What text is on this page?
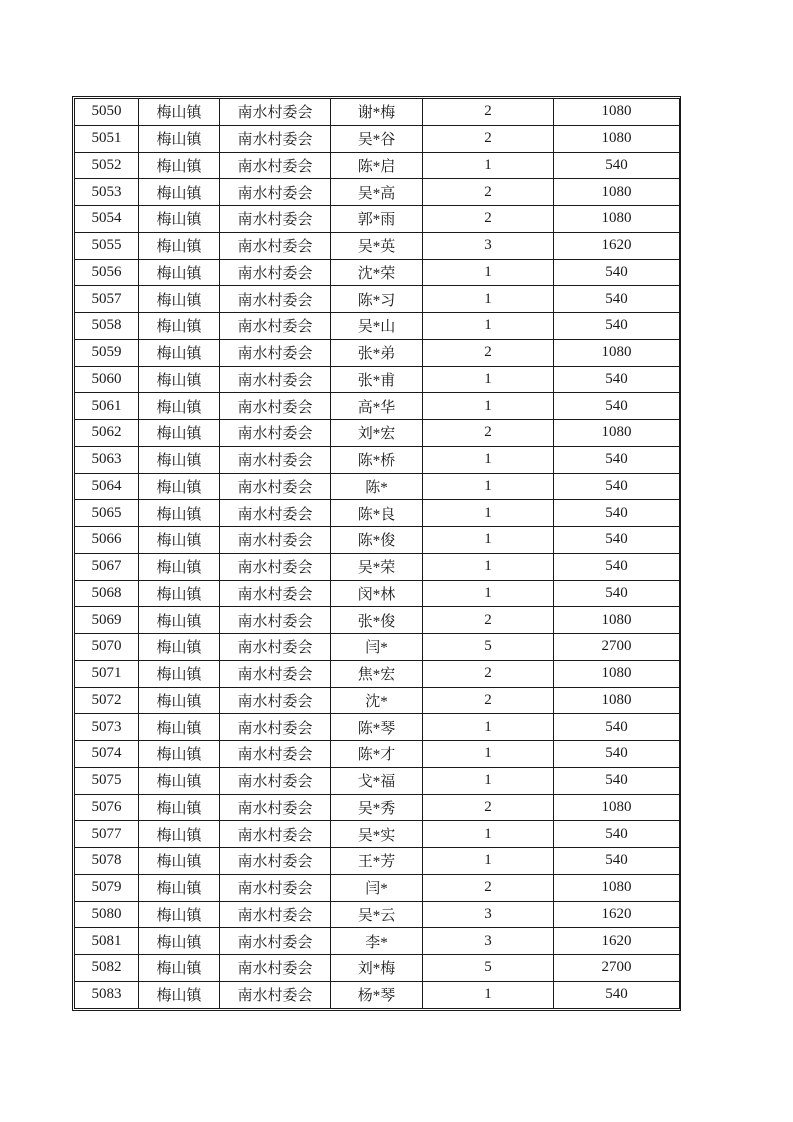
5050	梅山镇	南水村委会	谢*梅	2	1080
5051	梅山镇	南水村委会	吴*谷	2	1080
5052	梅山镇	南水村委会	陈*启	1	540
5053	梅山镇	南水村委会	吴*高	2	1080
5054	梅山镇	南水村委会	郭*雨	2	1080
5055	梅山镇	南水村委会	吴*英	3	1620
5056	梅山镇	南水村委会	沈*荣	1	540
5057	梅山镇	南水村委会	陈*习	1	540
5058	梅山镇	南水村委会	吴*山	1	540
5059	梅山镇	南水村委会	张*弟	2	1080
5060	梅山镇	南水村委会	张*甫	1	540
5061	梅山镇	南水村委会	高*华	1	540
5062	梅山镇	南水村委会	刘*宏	2	1080
5063	梅山镇	南水村委会	陈*桥	1	540
5064	梅山镇	南水村委会	陈*	1	540
5065	梅山镇	南水村委会	陈*良	1	540
5066	梅山镇	南水村委会	陈*俊	1	540
5067	梅山镇	南水村委会	吴*荣	1	540
5068	梅山镇	南水村委会	闵*林	1	540
5069	梅山镇	南水村委会	张*俊	2	1080
5070	梅山镇	南水村委会	闫*	5	2700
5071	梅山镇	南水村委会	焦*宏	2	1080
5072	梅山镇	南水村委会	沈*	2	1080
5073	梅山镇	南水村委会	陈*琴	1	540
5074	梅山镇	南水村委会	陈*才	1	540
5075	梅山镇	南水村委会	戈*福	1	540
5076	梅山镇	南水村委会	吴*秀	2	1080
5077	梅山镇	南水村委会	吴*实	1	540
5078	梅山镇	南水村委会	王*芳	1	540
5079	梅山镇	南水村委会	闫*	2	1080
5080	梅山镇	南水村委会	吴*云	3	1620
5081	梅山镇	南水村委会	李*	3	1620
5082	梅山镇	南水村委会	刘*梅	5	2700
5083	梅山镇	南水村委会	杨*琴	1	540
